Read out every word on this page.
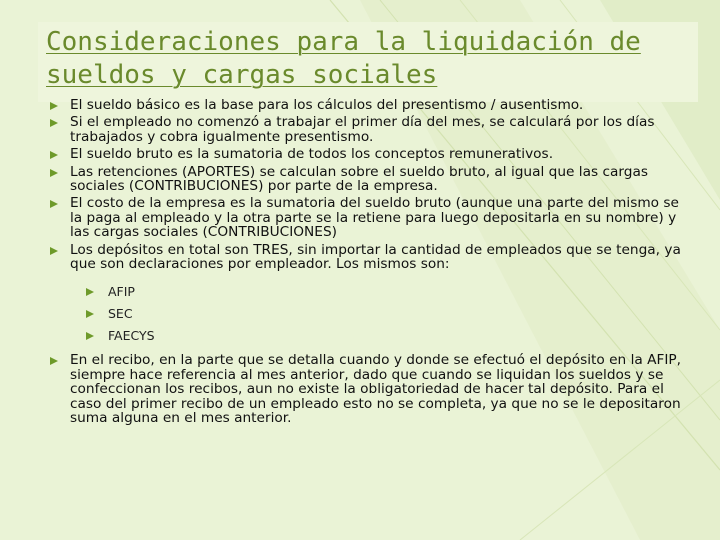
Consideraciones para la liquidación de sueldos y cargas sociales
El sueldo básico es la base para los cálculos del presentismo / ausentismo.
Si el empleado no comenzó a trabajar el primer día del mes, se calculará por los días trabajados y cobra igualmente presentismo.
El sueldo bruto es la sumatoria de todos los conceptos remunerativos.
Las retenciones (APORTES) se calculan sobre el sueldo bruto, al igual que las cargas sociales (CONTRIBUCIONES) por parte de la empresa.
El costo de la empresa es la sumatoria del sueldo bruto (aunque una parte del mismo se la paga al empleado y la otra parte se la retiene para luego depositarla en su nombre) y las cargas sociales (CONTRIBUCIONES)
Los depósitos en total son TRES, sin importar la cantidad de empleados que se tenga, ya que son declaraciones por empleador. Los mismos son:
AFIP
SEC
FAECYS
En el recibo, en la parte que se detalla cuando y donde se efectuó el depósito en la AFIP, siempre hace referencia al mes anterior, dado que cuando se liquidan los sueldos y se confeccionan los recibos, aun no existe la obligatoriedad de hacer tal depósito. Para el caso del primer recibo de un empleado esto no se completa, ya que no se le depositaron suma alguna en el mes anterior.
